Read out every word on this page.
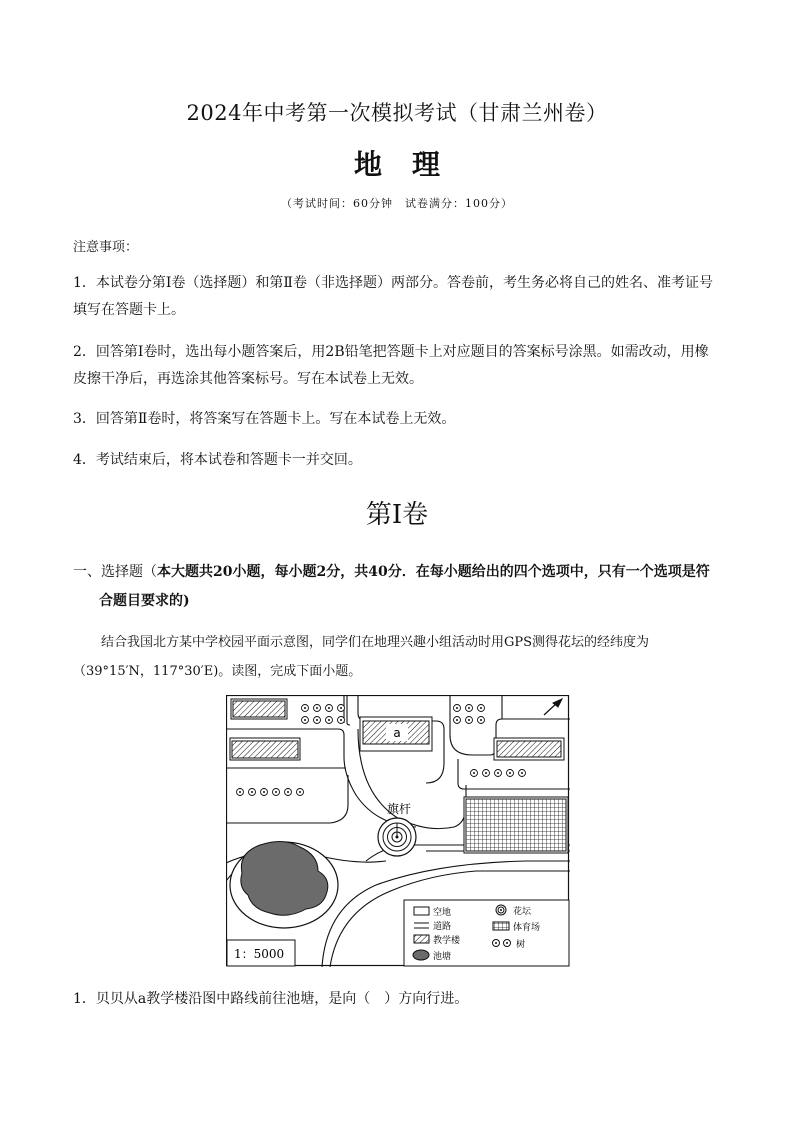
2024年中考第一次模拟考试（甘肃兰州卷）
地理
（考试时间：60分钟　试卷满分：100分）
注意事项：
1．本试卷分第Ⅰ卷（选择题）和第Ⅱ卷（非选择题）两部分。答卷前，考生务必将自己的姓名、准考证号
填写在答题卡上。
2．回答第Ⅰ卷时，选出每小题答案后，用2B铅笔把答题卡上对应题目的答案标号涂黑。如需改动，用橡
皮擦干净后，再选涂其他答案标号。写在本试卷上无效。
3．回答第Ⅱ卷时，将答案写在答题卡上。写在本试卷上无效。
4．考试结束后，将本试卷和答题卡一并交回。
第Ⅰ卷
一、选择题（本大题共20小题，每小题2分，共40分．在每小题给出的四个选项中，只有一个选项是符
合题目要求的)
结合我国北方某中学校园平面示意图，同学们在地理兴趣小组活动时用GPS测得花坛的经纬度为
（39°15′N，117°30′E)。读图，完成下面小题。
a
旗杆
1：5000
空地
道路
教学楼
池塘
花坛
体育场
树
1．贝贝从a教学楼沿图中路线前往池塘，是向（　）方向行进。
